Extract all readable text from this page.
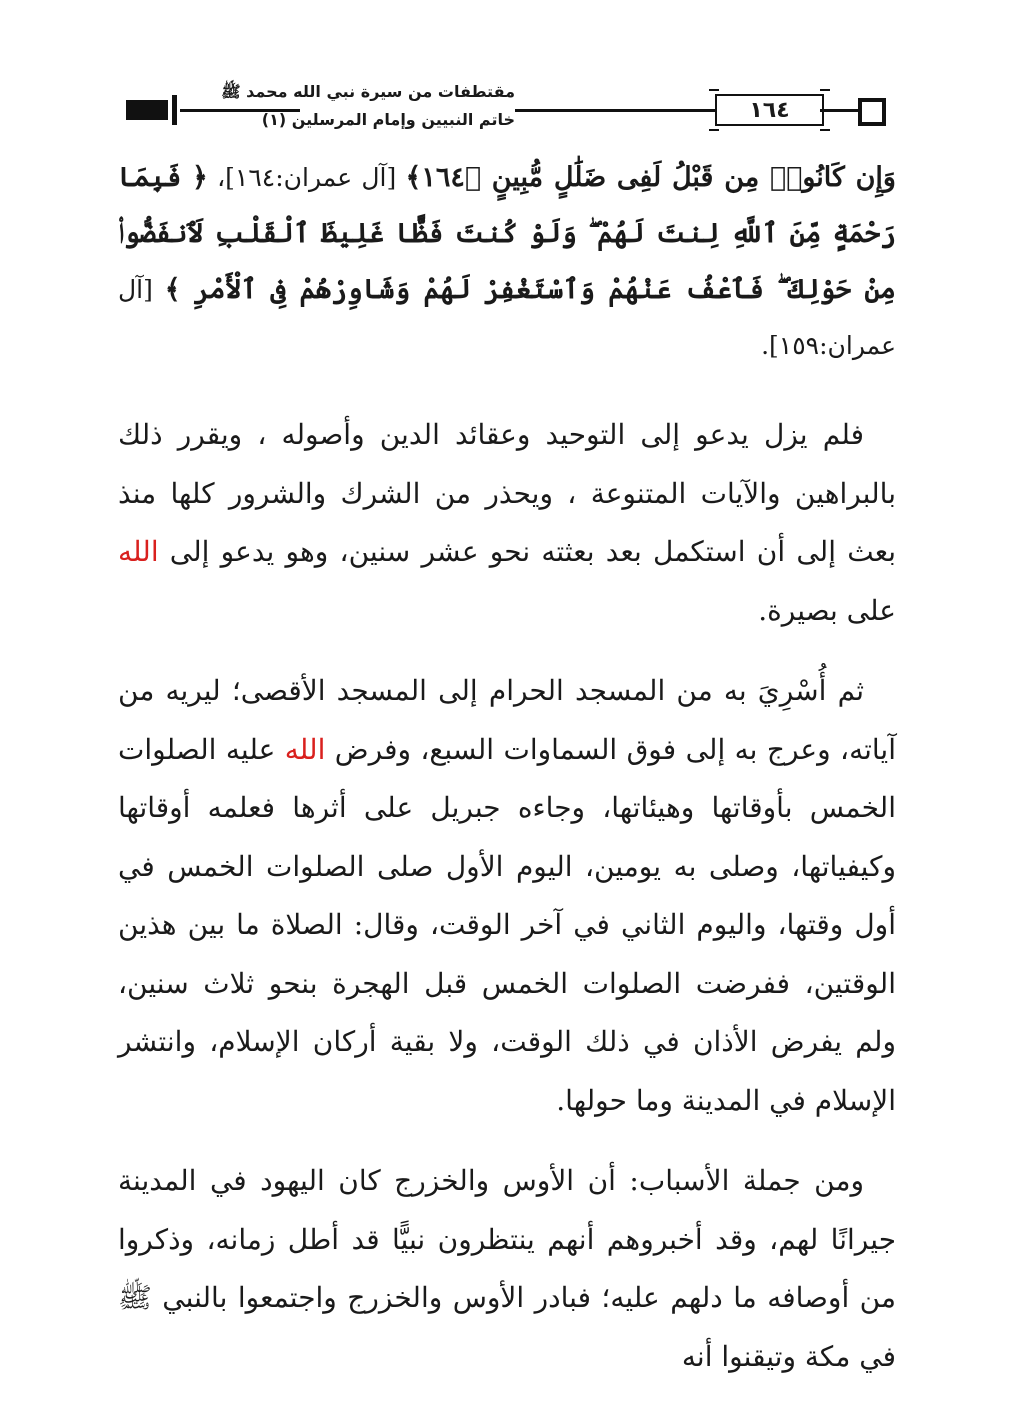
مقتطفات من سيرة نبي الله محمد ﷺ
خاتم النبيين وإمام المرسلين (١)	١٦٤

وَإِن كَانُوا۟ مِن قَبْلُ لَفِى ضَلَٰلٍ مُّبِينٍ ﴿١٦٤﴾ [آل عمران:١٦٤]، ﴿ فَبِمَا رَحْمَةٍ مِّنَ ٱللَّهِ لِنتَ لَهُمْ ۖ وَلَوْ كُنتَ فَظًّا غَلِيظَ ٱلْقَلْبِ لَٱنفَضُّوا۟ مِنْ حَوْلِكَ ۖ فَٱعْفُ عَنْهُمْ وَٱسْتَغْفِرْ لَهُمْ وَشَاوِرْهُمْ فِى ٱلْأَمْرِ ﴾ [آل عمران:١٥٩].

فلم يزل يدعو إلى التوحيد وعقائد الدين وأصوله ، ويقرر ذلك بالبراهين والآيات المتنوعة ، ويحذر من الشرك والشرور كلها منذ بعث إلى أن استكمل بعد بعثته نحو عشر سنين، وهو يدعو إلى الله على بصيرة.

ثم أُسْرِيَ به من المسجد الحرام إلى المسجد الأقصى؛ ليريه من آياته، وعرج به إلى فوق السماوات السبع، وفرض الله عليه الصلوات الخمس بأوقاتها وهيئاتها، وجاءه جبريل على أثرها فعلمه أوقاتها وكيفياتها، وصلى به يومين، اليوم الأول صلى الصلوات الخمس في أول وقتها، واليوم الثاني في آخر الوقت، وقال: الصلاة ما بين هذين الوقتين، ففرضت الصلوات الخمس قبل الهجرة بنحو ثلاث سنين، ولم يفرض الأذان في ذلك الوقت، ولا بقية أركان الإسلام، وانتشر الإسلام في المدينة وما حولها.

ومن جملة الأسباب: أن الأوس والخزرج كان اليهود في المدينة جيرانًا لهم، وقد أخبروهم أنهم ينتظرون نبيًّا قد أطل زمانه، وذكروا من أوصافه ما دلهم عليه؛ فبادر الأوس والخزرج واجتمعوا بالنبي ﷺ في مكة وتيقنوا أنه
